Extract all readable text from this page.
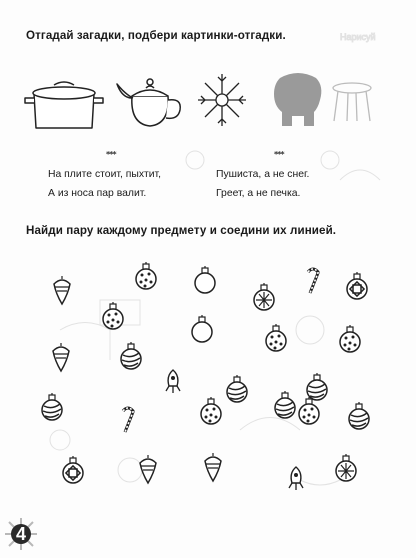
Нарисуй
Отгадай загадки, подбери картинки-отгадки.
***
На плите стоит, пыхтит,
А из носа пар валит.
***
Пушиста, а не снег.
Греет, а не печка.
Найди пару каждому предмету и соедини их линией.
4
